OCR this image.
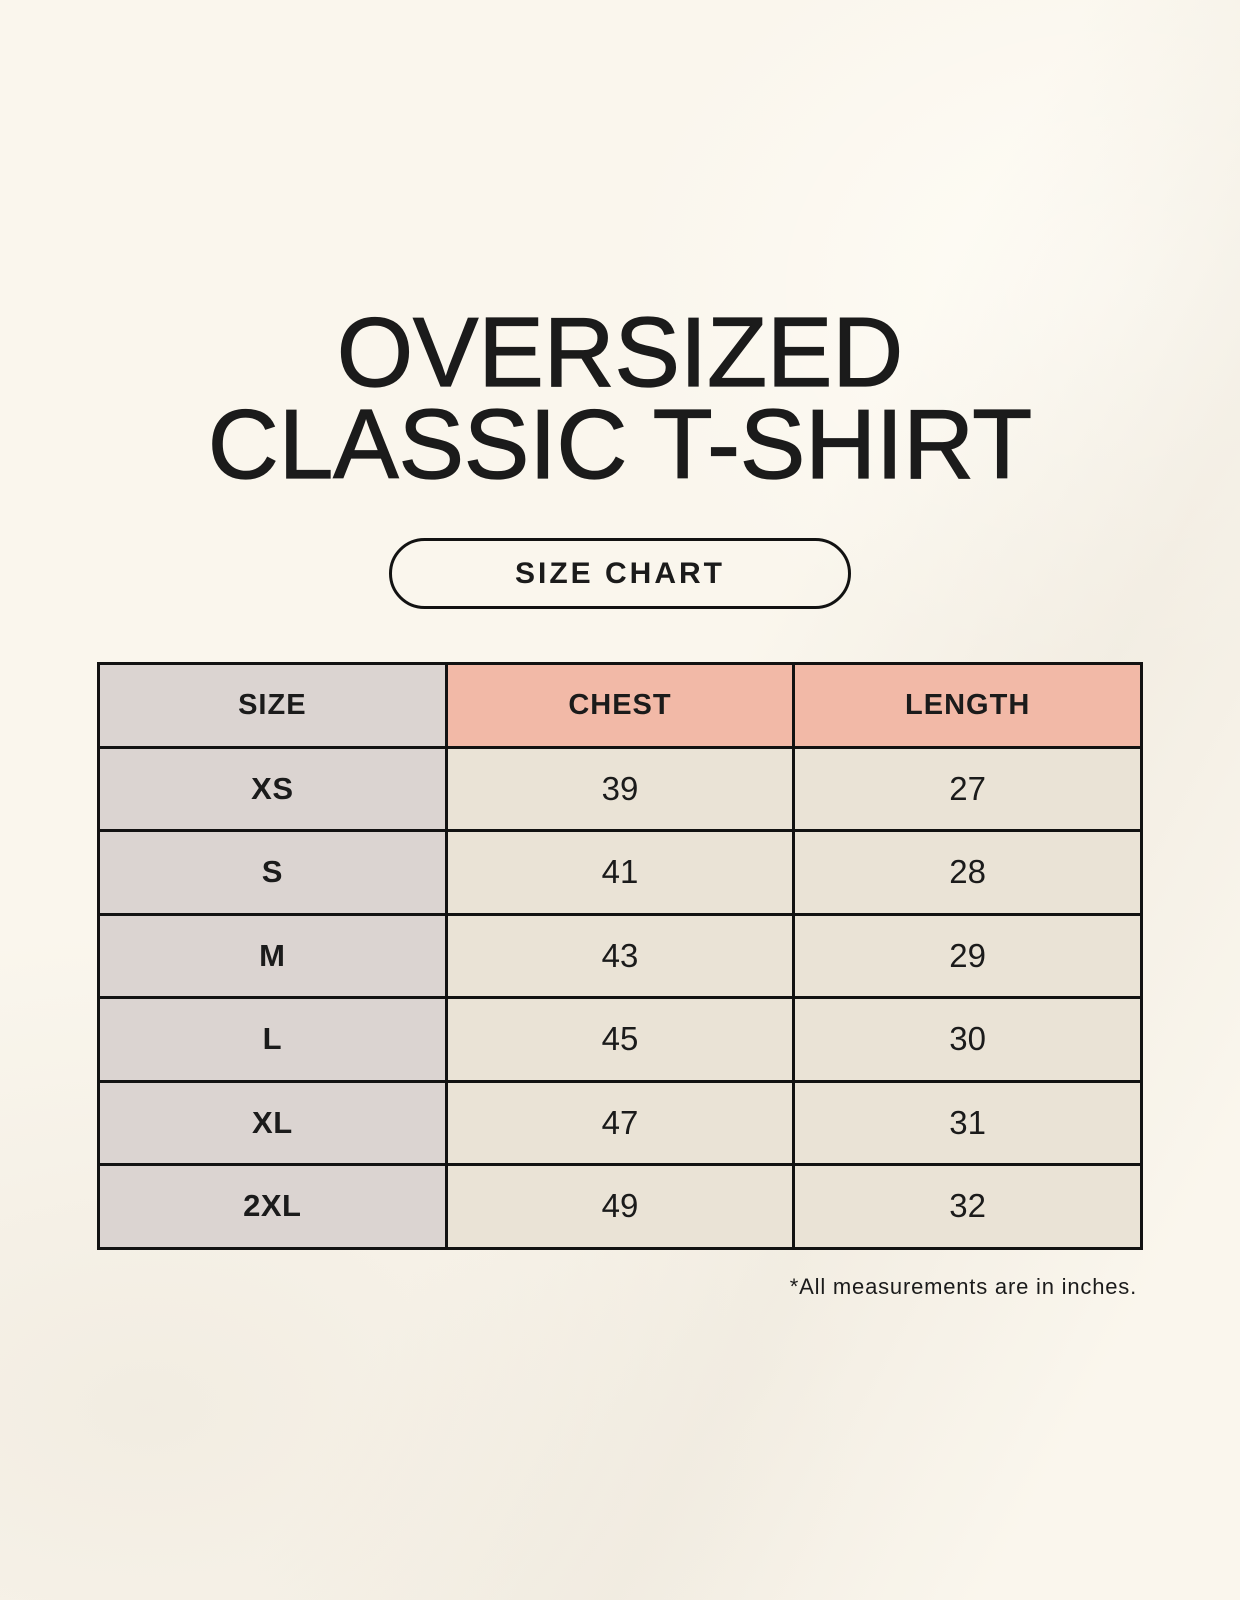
OVERSIZED
CLASSIC T-SHIRT
SIZE CHART
SIZE	CHEST	LENGTH
XS	39	27
S	41	28
M	43	29
L	45	30
XL	47	31
2XL	49	32

*All measurements are in inches.
